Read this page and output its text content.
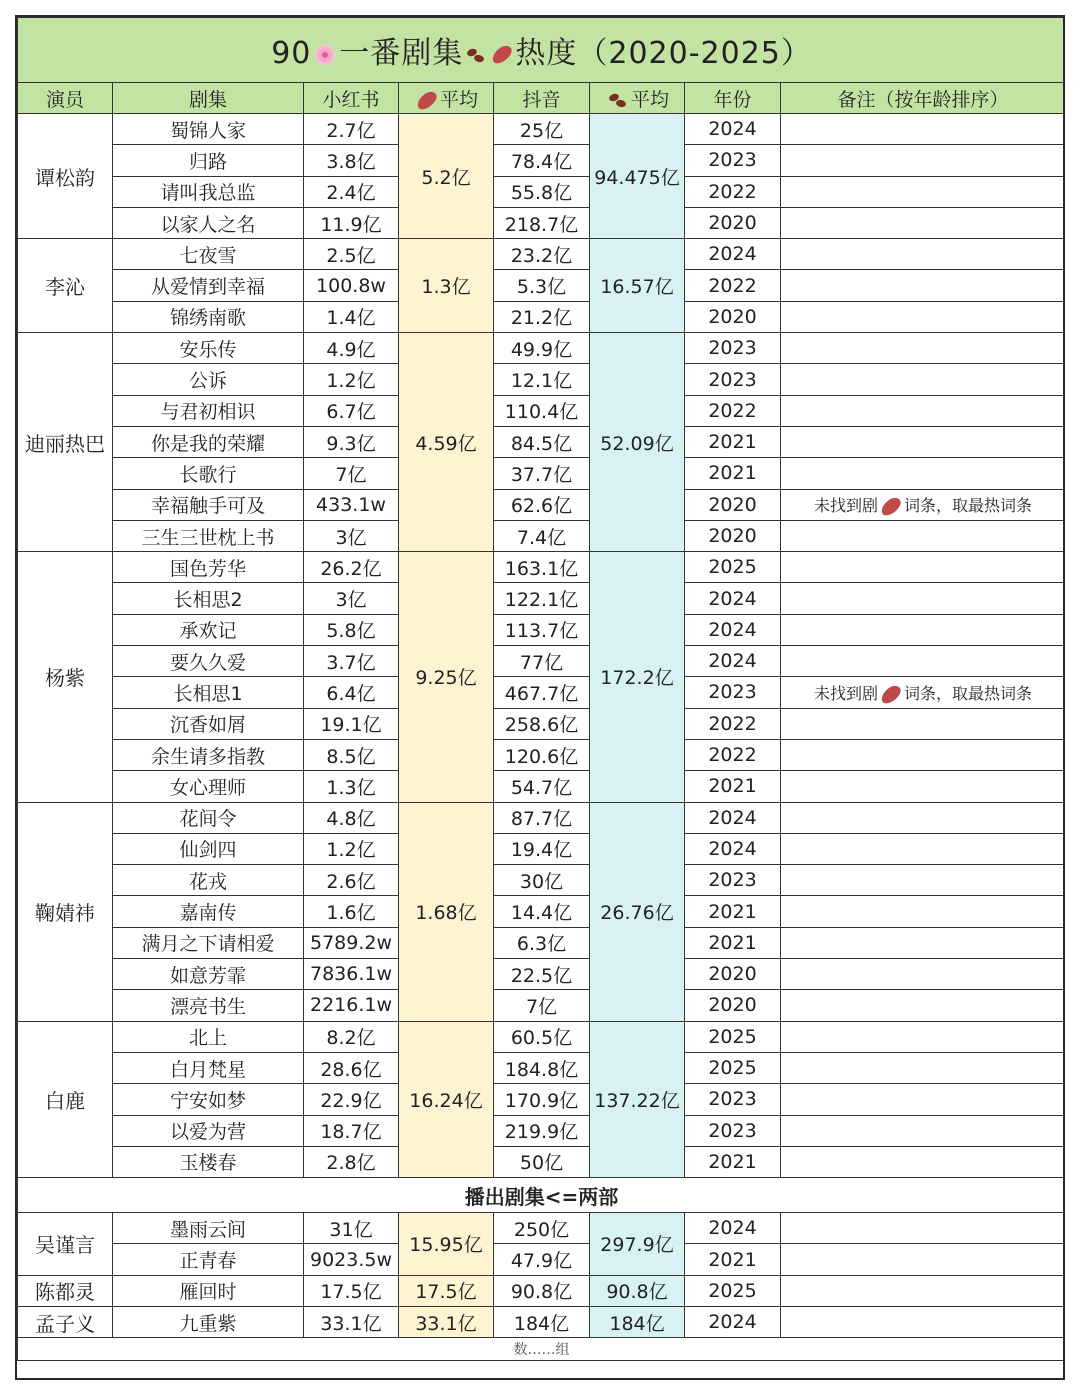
90 一番剧集 热度（2020-2025）							
演员	剧集	小红书	平均	抖音	平均	年份	备注（按年龄排序）
谭松韵	蜀锦人家	2.7亿	5.2亿	25亿	94.475亿	2024	
	归路	3.8亿		78.4亿		2023	
	请叫我总监	2.4亿		55.8亿		2022	
	以家人之名	11.9亿		218.7亿		2020	
李沁	七夜雪	2.5亿	1.3亿	23.2亿	16.57亿	2024	
	从爱情到幸福	100.8w		5.3亿		2022	
	锦绣南歌	1.4亿		21.2亿		2020	
迪丽热巴	安乐传	4.9亿	4.59亿	49.9亿	52.09亿	2023	
	公诉	1.2亿		12.1亿		2023	
	与君初相识	6.7亿		110.4亿		2022	
	你是我的荣耀	9.3亿		84.5亿		2021	
	长歌行	7亿		37.7亿		2021	
	幸福触手可及	433.1w		62.6亿		2020	未找到剧 词条，取最热词条
	三生三世枕上书	3亿		7.4亿		2020	
杨紫	国色芳华	26.2亿	9.25亿	163.1亿	172.2亿	2025	
	长相思2	3亿		122.1亿		2024	
	承欢记	5.8亿		113.7亿		2024	
	要久久爱	3.7亿		77亿		2024	
	长相思1	6.4亿		467.7亿		2023	未找到剧 词条，取最热词条
	沉香如屑	19.1亿		258.6亿		2022	
	余生请多指教	8.5亿		120.6亿		2022	
	女心理师	1.3亿		54.7亿		2021	
鞠婧祎	花间令	4.8亿	1.68亿	87.7亿	26.76亿	2024	
	仙剑四	1.2亿		19.4亿		2024	
	花戎	2.6亿		30亿		2023	
	嘉南传	1.6亿		14.4亿		2021	
	满月之下请相爱	5789.2w		6.3亿		2021	
	如意芳霏	7836.1w		22.5亿		2020	
	漂亮书生	2216.1w		7亿		2020	
白鹿	北上	8.2亿	16.24亿	60.5亿	137.22亿	2025	
	白月梵星	28.6亿		184.8亿		2025	
	宁安如梦	22.9亿		170.9亿		2023	
	以爱为营	18.7亿		219.9亿		2023	
	玉楼春	2.8亿		50亿		2021	
播出剧集<=两部							
吴谨言	墨雨云间	31亿	15.95亿	250亿	297.9亿	2024	
	正青春	9023.5w		47.9亿		2021	
陈都灵	雁回时	17.5亿	17.5亿	90.8亿	90.8亿	2025	
孟子义	九重紫	33.1亿	33.1亿	184亿	184亿	2024	
数……组							
